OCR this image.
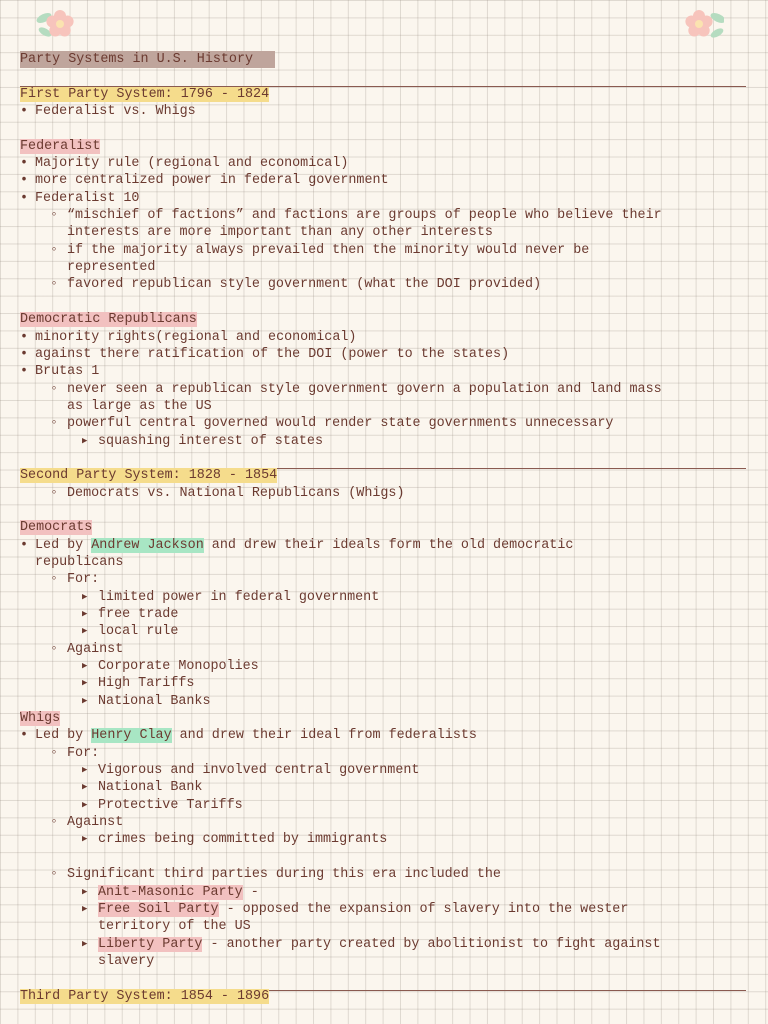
Party Systems in U.S. History
First Party System: 1796 - 1824
• Federalist vs. Whigs
Federalist
• Majority rule (regional and economical)
• more centralized power in federal government
• Federalist 10
◦ “mischief of factions” and factions are groups of people who believe their
interests are more important than any other interests
◦ if the majority always prevailed then the minority would never be
represented
◦ favored republican style government (what the DOI provided)
Democratic Republicans
• minority rights(regional and economical)
• against there ratification of the DOI (power to the states)
• Brutas 1
◦ never seen a republican style government govern a population and land mass
as large as the US
◦ powerful central governed would render state governments unnecessary
▶ squashing interest of states
Second Party System: 1828 - 1854
◦ Democrats vs. National Republicans (Whigs)
Democrats
• Led by Andrew Jackson and drew their ideals form the old democratic
republicans
◦ For:
▶ limited power in federal government
▶ free trade
▶ local rule
◦ Against
▶ Corporate Monopolies
▶ High Tariffs
▶ National Banks
Whigs
• Led by Henry Clay and drew their ideal from federalists
◦ For:
▶ Vigorous and involved central government
▶ National Bank
▶ Protective Tariffs
◦ Against
▶ crimes being committed by immigrants
◦ Significant third parties during this era included the
▶ Anit-Masonic Party -
▶ Free Soil Party - opposed the expansion of slavery into the wester
territory of the US
▶ Liberty Party - another party created by abolitionist to fight against
slavery
Third Party System: 1854 - 1896
